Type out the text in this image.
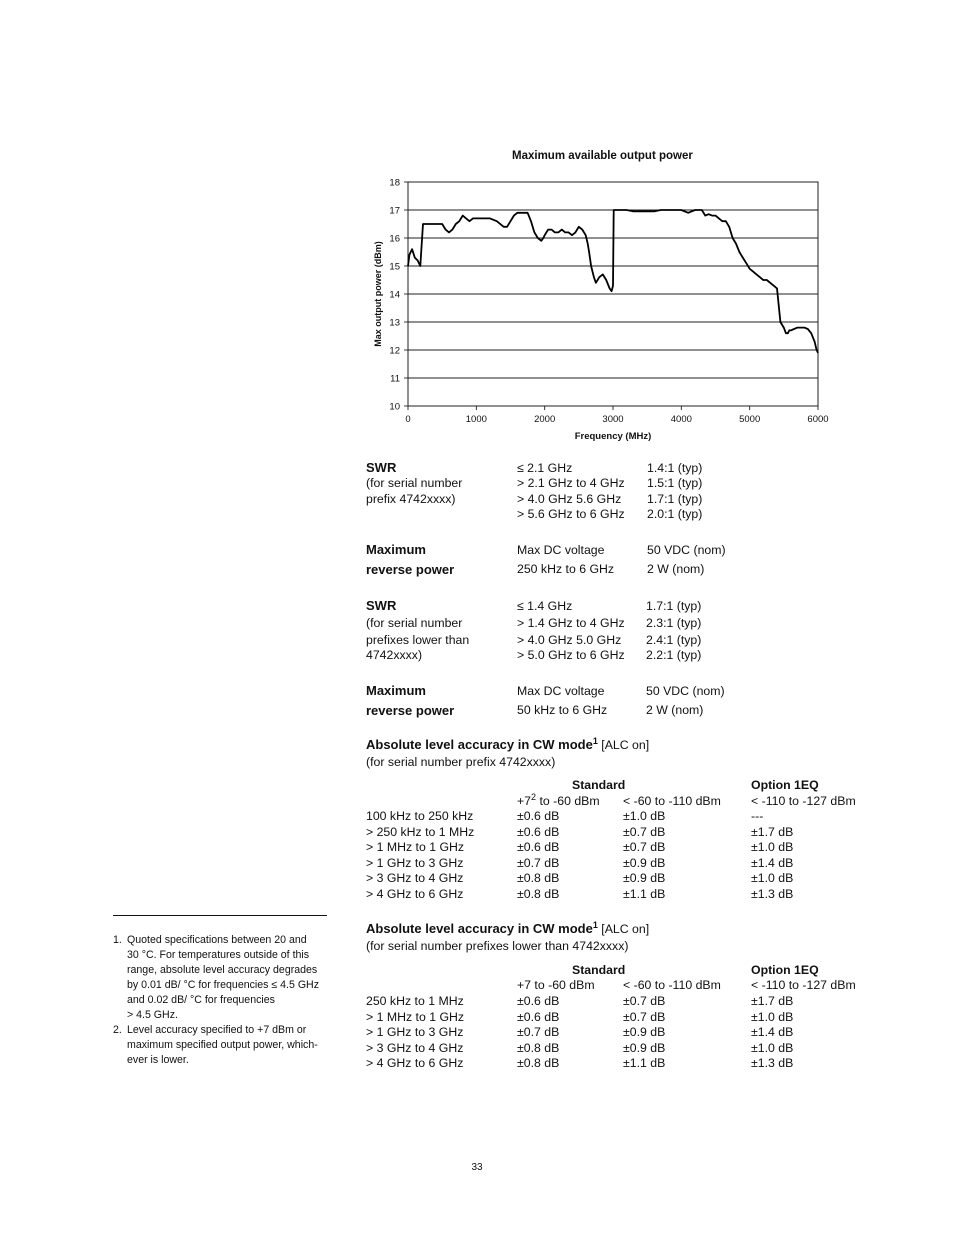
Maximum available output power
10
11
12
13
14
15
16
17
18
0	1000	2000	3000	4000	5000	6000
Frequency (MHz)
Max output power (dBm)
SWR
(for serial number
prefix 4742xxxx)
≤ 2.1 GHz	1.4:1 (typ)
> 2.1 GHz to 4 GHz 1.5:1 (typ)
> 4.0 GHz 5.6 GHz 1.7:1 (typ)
> 5.6 GHz to 6 GHz 2.0:1 (typ)
Maximum
reverse power
Max DC voltage	50 VDC (nom)
250 kHz to 6 GHz	2 W (nom)
SWR
(for serial number
prefixes lower than
4742xxxx)
≤ 1.4 GHz	1.7:1 (typ)
> 1.4 GHz to 4 GHz 2.3:1 (typ)
> 4.0 GHz 5.0 GHz 2.4:1 (typ)
> 5.0 GHz to 6 GHz 2.2:1 (typ)
Maximum
reverse power
Max DC voltage	50 VDC (nom)
50 kHz to 6 GHz	2 W (nom)
Absolute level accuracy in CW mode$^1$ [ALC on]
(for serial number prefix 4742xxxx)
Standard	Option 1EQ
$+7^2$ to -60 dBm < -60 to -110 dBm < -110 to -127 dBm
100 kHz to 250 kHz	±0.6 dB	±1.0 dB	---
> 250 kHz to 1 MHz	±0.6 dB	±0.7 dB	±1.7 dB
> 1 MHz to 1 GHz	±0.6 dB	±0.7 dB	±1.0 dB
> 1 GHz to 3 GHz	±0.7 dB	±0.9 dB	±1.4 dB
> 3 GHz to 4 GHz	±0.8 dB	±0.9 dB	±1.0 dB
> 4 GHz to 6 GHz	±0.8 dB	±1.1 dB	±1.3 dB
1. Quoted specifications between 20 and
30 °C. For temperatures outside of this
range, absolute level accuracy degrades
by 0.01 dB/ °C for frequencies ≤ 4.5 GHz
and 0.02 dB/ °C for frequencies
> 4.5 GHz.
2. Level accuracy specified to +7 dBm or
maximum specified output power, which-
ever is lower.
Absolute level accuracy in CW mode$^1$ [ALC on]
(for serial number prefixes lower than 4742xxxx)
Standard	Option 1EQ
+7 to -60 dBm < -60 to -110 dBm < -110 to -127 dBm
250 kHz to 1 MHz	±0.6 dB	±0.7 dB	±1.7 dB
> 1 MHz to 1 GHz	±0.6 dB	±0.7 dB	±1.0 dB
> 1 GHz to 3 GHz	±0.7 dB	±0.9 dB	±1.4 dB
> 3 GHz to 4 GHz	±0.8 dB	±0.9 dB	±1.0 dB
> 4 GHz to 6 GHz	±0.8 dB	±1.1 dB	±1.3 dB
33
